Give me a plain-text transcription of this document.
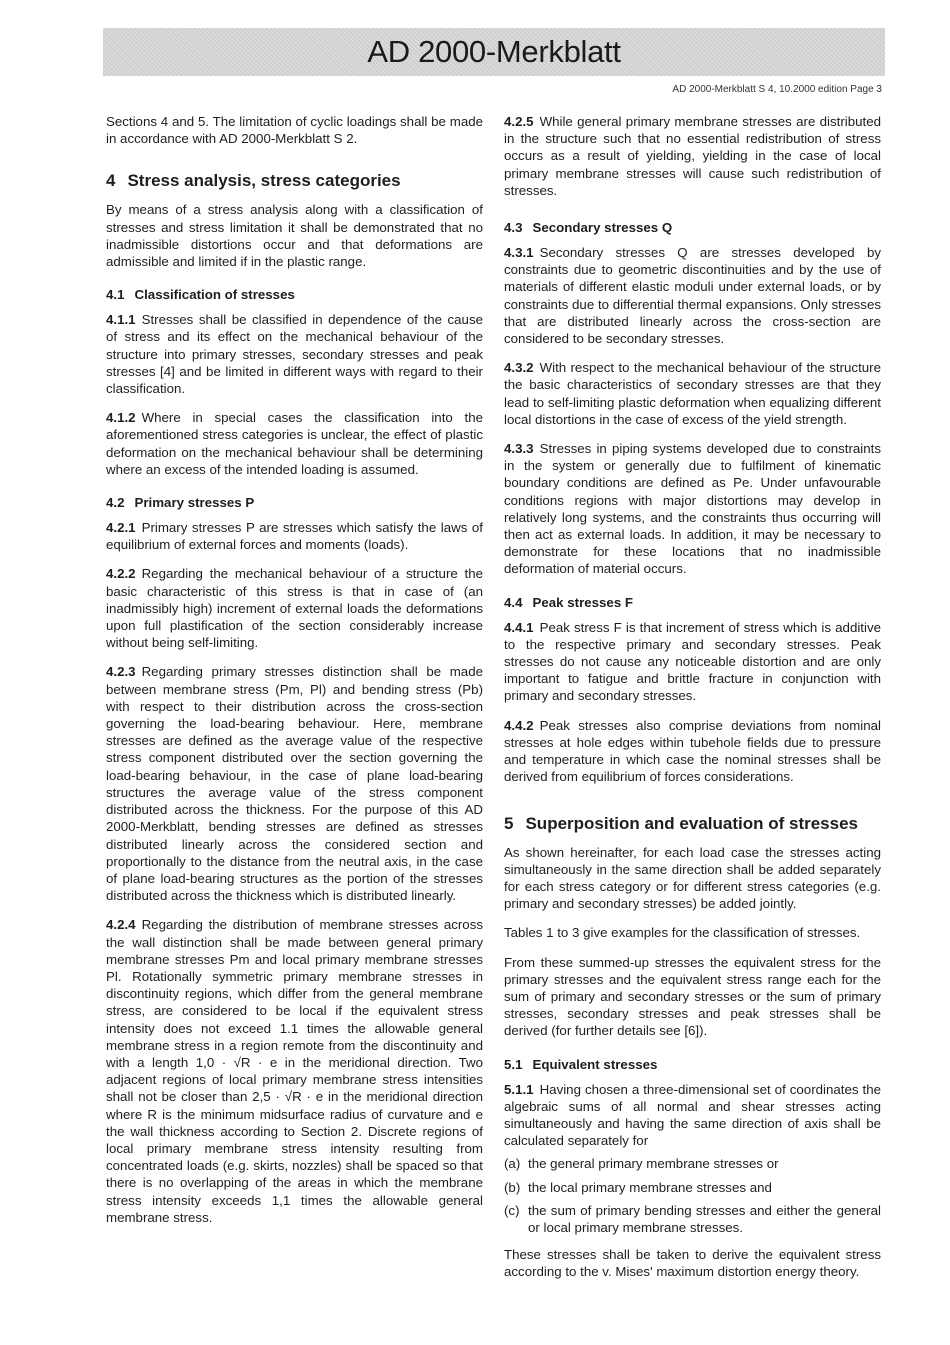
AD 2000-Merkblatt
AD 2000-Merkblatt S 4, 10.2000 edition Page 3

Sections 4 and 5. The limitation of cyclic loadings shall be made in accordance with AD 2000-Merkblatt S 2.

4 Stress analysis, stress categories

By means of a stress analysis along with a classification of stresses and stress limitation it shall be demonstrated that no inadmissible distortions occur and that deformations are admissible and limited if in the plastic range.

4.1 Classification of stresses

4.1.1 Stresses shall be classified in dependence of the cause of stress and its effect on the mechanical behaviour of the structure into primary stresses, secondary stresses and peak stresses [4] and be limited in different ways with regard to their classification.

4.1.2 Where in special cases the classification into the aforementioned stress categories is unclear, the effect of plastic deformation on the mechanical behaviour shall be determining where an excess of the intended loading is assumed.

4.2 Primary stresses P

4.2.1 Primary stresses P are stresses which satisfy the laws of equilibrium of external forces and moments (loads).

4.2.2 Regarding the mechanical behaviour of a structure the basic characteristic of this stress is that in case of (an inadmissibly high) increment of external loads the deformations upon full plastification of the section considerably increase without being self-limiting.

4.2.3 Regarding primary stresses distinction shall be made between membrane stress (Pm, Pl) and bending stress (Pb) with respect to their distribution across the cross-section governing the load-bearing behaviour. Here, membrane stresses are defined as the average value of the respective stress component distributed over the section governing the load-bearing behaviour, in the case of plane load-bearing structures the average value of the stress component distributed across the thickness. For the purpose of this AD 2000-Merkblatt, bending stresses are defined as stresses distributed linearly across the considered section and proportionally to the distance from the neutral axis, in the case of plane load-bearing structures as the portion of the stresses distributed across the thickness which is distributed linearly.

4.2.4 Regarding the distribution of membrane stresses across the wall distinction shall be made between general primary membrane stresses Pm and local primary membrane stresses Pl. Rotationally symmetric primary membrane stresses in discontinuity regions, which differ from the general membrane stress, are considered to be local if the equivalent stress intensity does not exceed 1.1 times the allowable general membrane stress in a region remote from the discontinuity and with a length 1,0 · √R · e in the meridional direction. Two adjacent regions of local primary membrane stress intensities shall not be closer than 2,5 · √R · e in the meridional direction where R is the minimum midsurface radius of curvature and e the wall thickness according to Section 2. Discrete regions of local primary membrane stress intensity resulting from concentrated loads (e.g. skirts, nozzles) shall be spaced so that there is no overlapping of the areas in which the membrane stress intensity exceeds 1,1 times the allowable general membrane stress.

4.2.5 While general primary membrane stresses are distributed in the structure such that no essential redistribution of stress occurs as a result of yielding, yielding in the case of local primary membrane stresses will cause such redistribution of stresses.

4.3 Secondary stresses Q

4.3.1 Secondary stresses Q are stresses developed by constraints due to geometric discontinuities and by the use of materials of different elastic moduli under external loads, or by constraints due to differential thermal expansions. Only stresses that are distributed linearly across the cross-section are considered to be secondary stresses.

4.3.2 With respect to the mechanical behaviour of the structure the basic characteristics of secondary stresses are that they lead to self-limiting plastic deformation when equalizing different local distortions in the case of excess of the yield strength.

4.3.3 Stresses in piping systems developed due to constraints in the system or generally due to fulfilment of kinematic boundary conditions are defined as Pe. Under unfavourable conditions regions with major distortions may develop in relatively long systems, and the constraints thus occurring will then act as external loads. In addition, it may be necessary to demonstrate for these locations that no inadmissible deformation of material occurs.

4.4 Peak stresses F

4.4.1 Peak stress F is that increment of stress which is additive to the respective primary and secondary stresses. Peak stresses do not cause any noticeable distortion and are only important to fatigue and brittle fracture in conjunction with primary and secondary stresses.

4.4.2 Peak stresses also comprise deviations from nominal stresses at hole edges within tubehole fields due to pressure and temperature in which case the nominal stresses shall be derived from equilibrium of forces considerations.

5 Superposition and evaluation of stresses

As shown hereinafter, for each load case the stresses acting simultaneously in the same direction shall be added separately for each stress category or for different stress categories (e.g. primary and secondary stresses) be added jointly.

Tables 1 to 3 give examples for the classification of stresses.

From these summed-up stresses the equivalent stress for the primary stresses and the equivalent stress range each for the sum of primary and secondary stresses or the sum of primary stresses, secondary stresses and peak stresses shall be derived (for further details see [6]).

5.1 Equivalent stresses

5.1.1 Having chosen a three-dimensional set of coordinates the algebraic sums of all normal and shear stresses acting simultaneously and having the same direction of axis shall be calculated separately for

(a) the general primary membrane stresses or
(b) the local primary membrane stresses and
(c) the sum of primary bending stresses and either the general or local primary membrane stresses.

These stresses shall be taken to derive the equivalent stress according to the v. Mises' maximum distortion energy theory.
